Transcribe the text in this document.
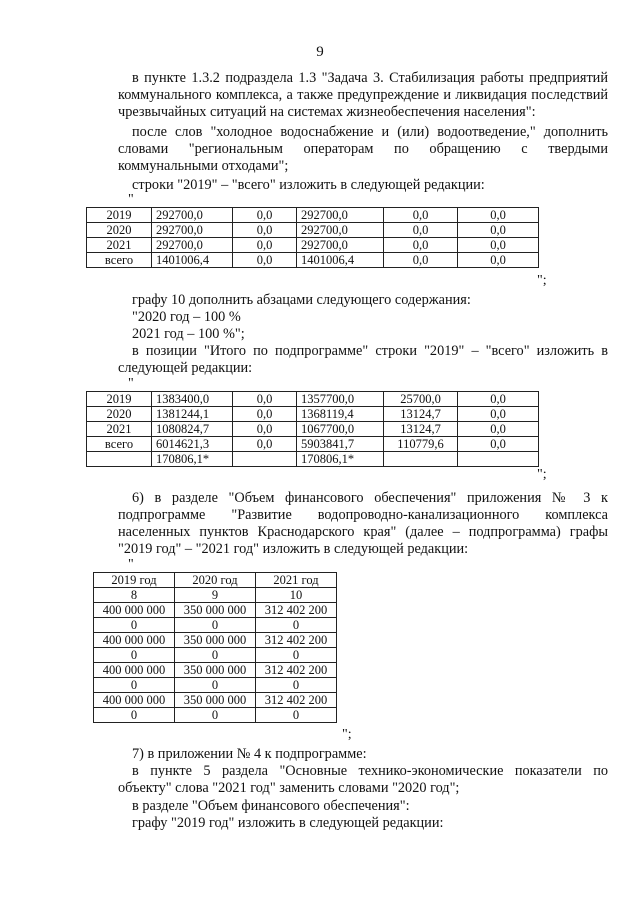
9
в пункте 1.3.2 подраздела 1.3 "Задача 3. Стабилизация работы предприятий коммунального комплекса, а также предупреждение и ликвидация последствий чрезвычайных ситуаций на системах жизнеобеспечения населения":
после слов "холодное водоснабжение и (или) водоотведение," дополнить словами "региональным операторам по обращению с твердыми коммунальными отходами";
строки "2019" – "всего" изложить в следующей редакции:
"
2019	292700,0	0,0	292700,0	0,0	0,0
2020	292700,0	0,0	292700,0	0,0	0,0
2021	292700,0	0,0	292700,0	0,0	0,0
всего	1401006,4	0,0	1401006,4	0,0	0,0
";
графу 10 дополнить абзацами следующего содержания:
"2020 год – 100 %
2021 год – 100 %";
в позиции "Итого по подпрограмме" строки "2019" – "всего" изложить в следующей редакции:
"
2019	1383400,0	0,0	1357700,0	25700,0	0,0
2020	1381244,1	0,0	1368119,4	13124,7	0,0
2021	1080824,7	0,0	1067700,0	13124,7	0,0
всего	6014621,3	0,0	5903841,7	110779,6	0,0
	170806,1*		170806,1*		
";
6) в разделе "Объем финансового обеспечения" приложения № 3 к подпрограмме "Развитие водопроводно-канализационного комплекса населенных пунктов Краснодарского края" (далее – подпрограмма) графы "2019 год" – "2021 год" изложить в следующей редакции:
"
2019 год	2020 год	2021 год
8	9	10
400 000 000	350 000 000	312 402 200
0	0	0
400 000 000	350 000 000	312 402 200
0	0	0
400 000 000	350 000 000	312 402 200
0	0	0
400 000 000	350 000 000	312 402 200
0	0	0
";
7) в приложении № 4 к подпрограмме:
в пункте 5 раздела "Основные технико-экономические показатели по объекту" слова "2021 год" заменить словами "2020 год";
в разделе "Объем финансового обеспечения":
графу "2019 год" изложить в следующей редакции:
